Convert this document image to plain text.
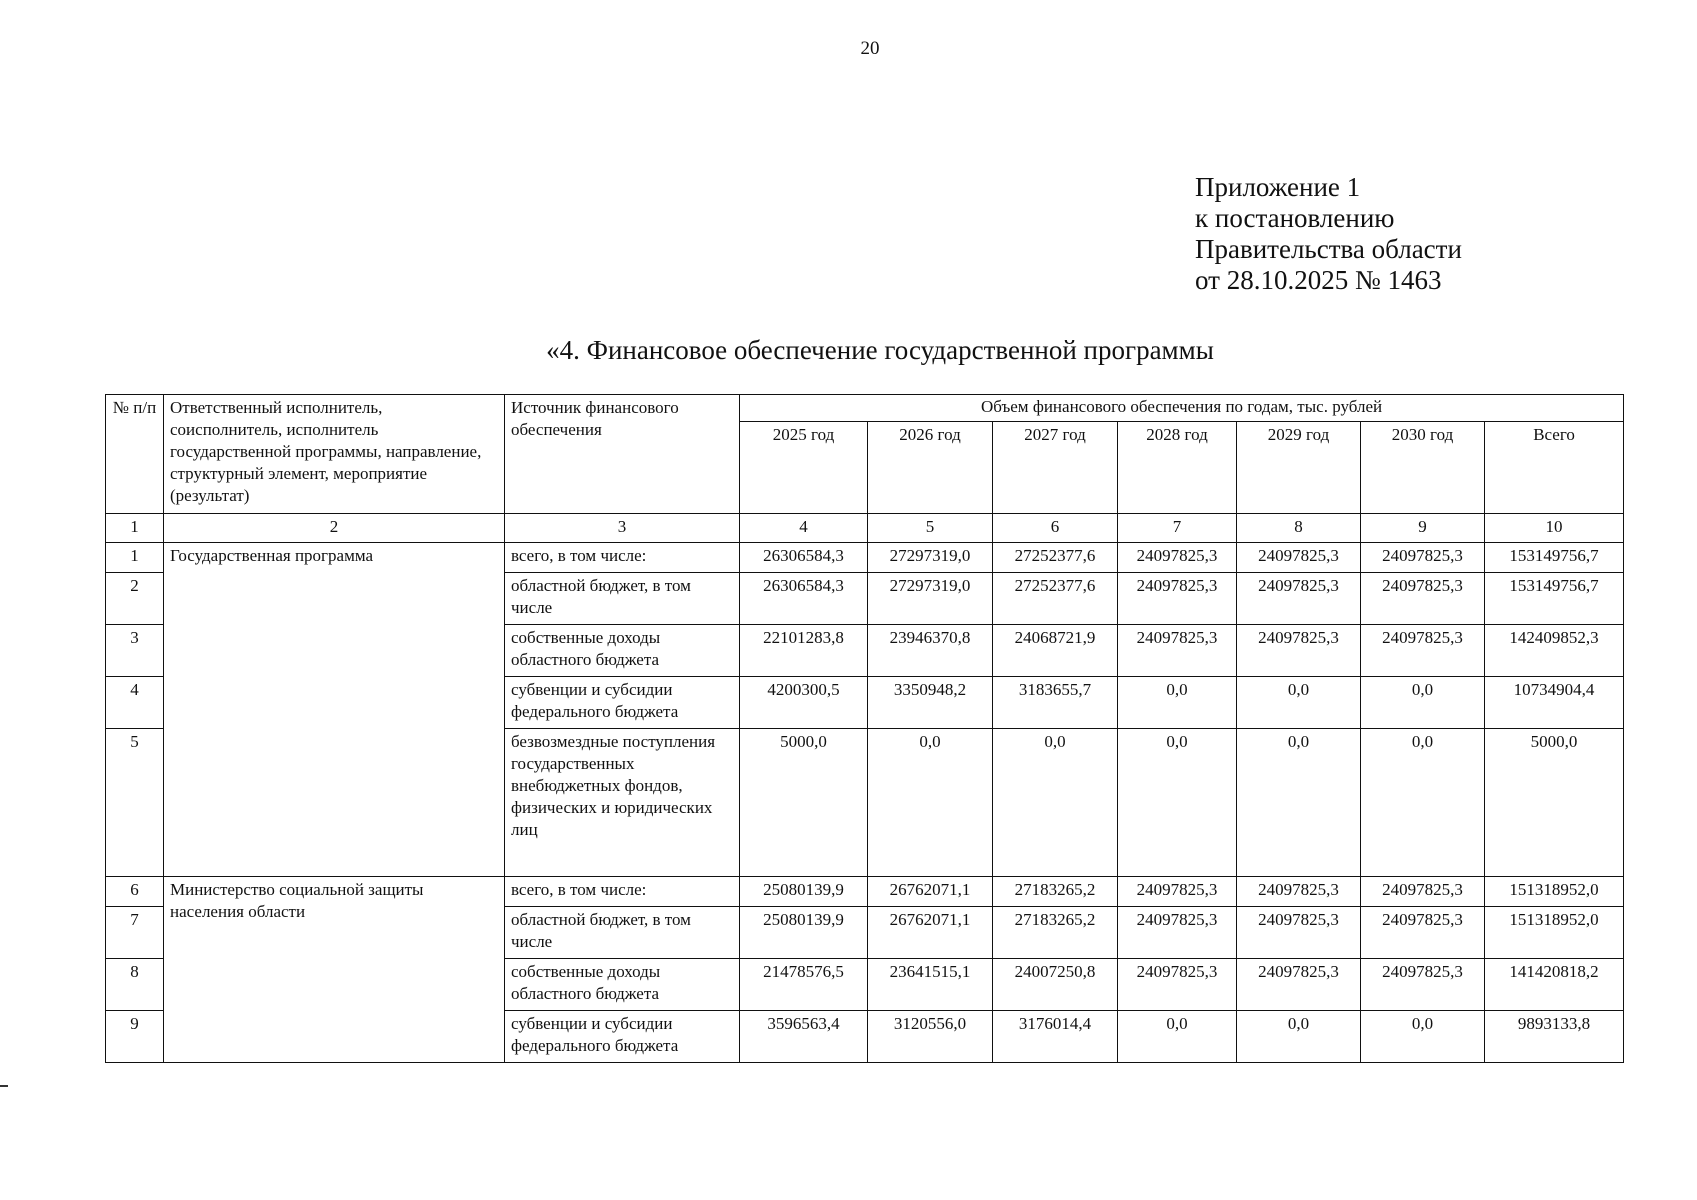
20
Приложение 1
к постановлению
Правительства области
от 28.10.2025 № 1463
«4. Финансовое обеспечение государственной программы
№ п/п	Ответственный исполнитель, соисполнитель, исполнитель государственной программы, направление, структурный элемент, мероприятие (результат)	Источник финансового обеспечения	Объем финансового обеспечения по годам, тыс. рублей						
			2025 год	2026 год	2027 год	2028 год	2029 год	2030 год	Всего
1	2	3	4	5	6	7	8	9	10
1	Государственная программа	всего, в том числе:	26306584,3	27297319,0	27252377,6	24097825,3	24097825,3	24097825,3	153149756,7
2		областной бюджет, в том числе	26306584,3	27297319,0	27252377,6	24097825,3	24097825,3	24097825,3	153149756,7
3		собственные доходы областного бюджета	22101283,8	23946370,8	24068721,9	24097825,3	24097825,3	24097825,3	142409852,3
4		субвенции и субсидии федерального бюджета	4200300,5	3350948,2	3183655,7	0,0	0,0	0,0	10734904,4
5		безвозмездные поступления государственных внебюджетных фондов, физических и юридических лиц	5000,0	0,0	0,0	0,0	0,0	0,0	5000,0
6	Министерство социальной защиты населения области	всего, в том числе:	25080139,9	26762071,1	27183265,2	24097825,3	24097825,3	24097825,3	151318952,0
7		областной бюджет, в том числе	25080139,9	26762071,1	27183265,2	24097825,3	24097825,3	24097825,3	151318952,0
8		собственные доходы областного бюджета	21478576,5	23641515,1	24007250,8	24097825,3	24097825,3	24097825,3	141420818,2
9		субвенции и субсидии федерального бюджета	3596563,4	3120556,0	3176014,4	0,0	0,0	0,0	9893133,8
